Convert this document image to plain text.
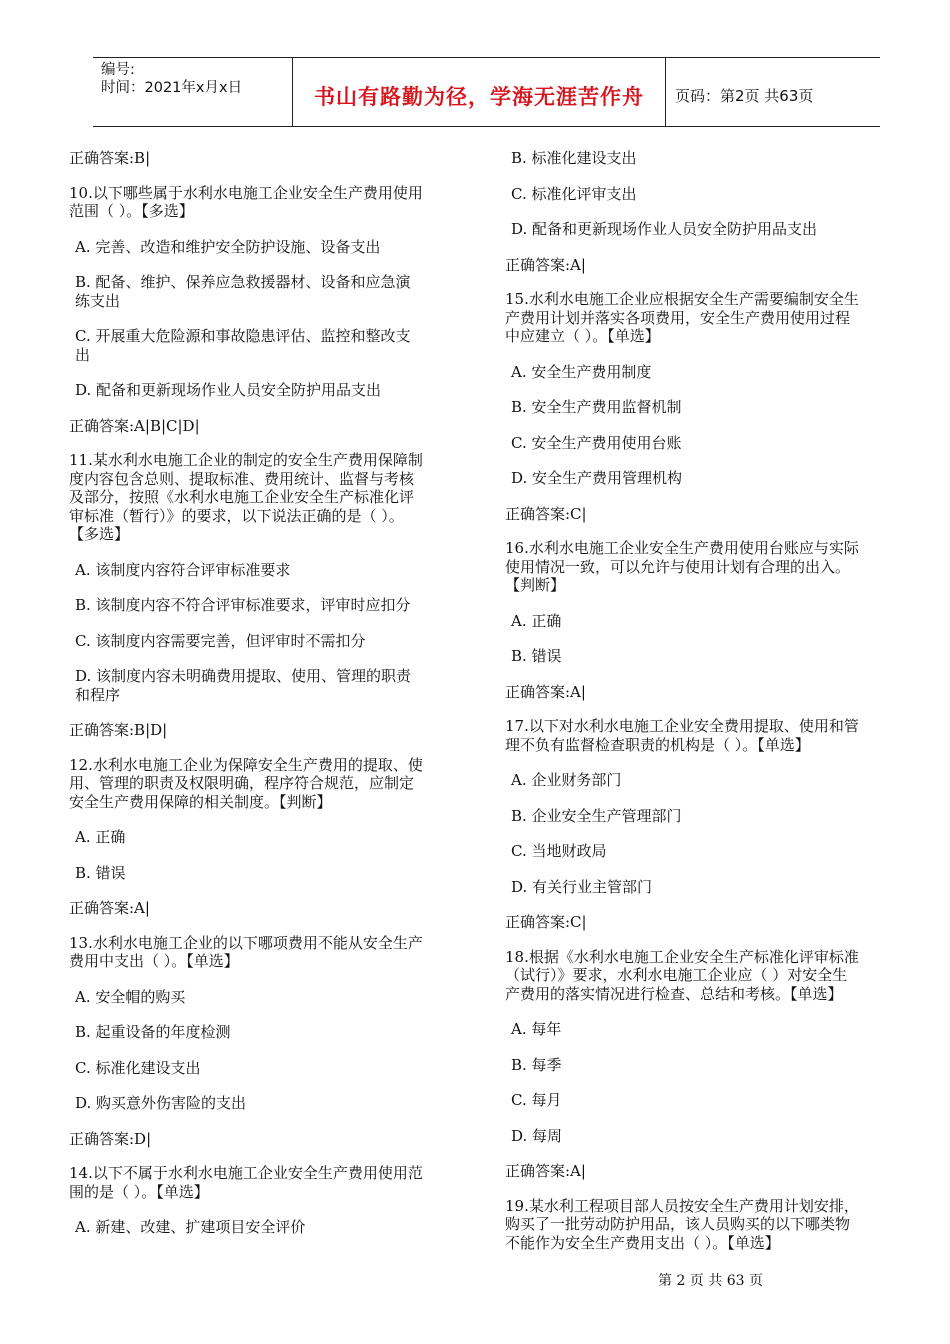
编号:
时间：2021年x月x日	书山有路勤为径，学海无涯苦作舟	页码：第2页 共63页
正确答案:B|
10.以下哪些属于水利水电施工企业安全生产费用使用
范围（ ）。【多选】
A. 完善、改造和维护安全防护设施、设备支出
B. 配备、维护、保养应急救援器材、设备和应急演
练支出
C. 开展重大危险源和事故隐患评估、监控和整改支
出
D. 配备和更新现场作业人员安全防护用品支出
正确答案:A|B|C|D|
11.某水利水电施工企业的制定的安全生产费用保障制
度内容包含总则、提取标准、费用统计、监督与考核
及部分，按照《水利水电施工企业安全生产标准化评
审标准（暂行）》的要求，以下说法正确的是（ ）。
【多选】
A. 该制度内容符合评审标准要求
B. 该制度内容不符合评审标准要求，评审时应扣分
C. 该制度内容需要完善，但评审时不需扣分
D. 该制度内容未明确费用提取、使用、管理的职责
和程序
正确答案:B|D|
12.水利水电施工企业为保障安全生产费用的提取、使
用、管理的职责及权限明确，程序符合规范，应制定
安全生产费用保障的相关制度。【判断】
A. 正确
B. 错误
正确答案:A|
13.水利水电施工企业的以下哪项费用不能从安全生产
费用中支出（ ）。【单选】
A. 安全帽的购买
B. 起重设备的年度检测
C. 标准化建设支出
D. 购买意外伤害险的支出
正确答案:D|
14.以下不属于水利水电施工企业安全生产费用使用范
围的是（ ）。【单选】
A. 新建、改建、扩建项目安全评价
B. 标准化建设支出
C. 标准化评审支出
D. 配备和更新现场作业人员安全防护用品支出
正确答案:A|
15.水利水电施工企业应根据安全生产需要编制安全生
产费用计划并落实各项费用，安全生产费用使用过程
中应建立（ ）。【单选】
A. 安全生产费用制度
B. 安全生产费用监督机制
C. 安全生产费用使用台账
D. 安全生产费用管理机构
正确答案:C|
16.水利水电施工企业安全生产费用使用台账应与实际
使用情况一致，可以允许与使用计划有合理的出入。
【判断】
A. 正确
B. 错误
正确答案:A|
17.以下对水利水电施工企业安全费用提取、使用和管
理不负有监督检查职责的机构是（ ）。【单选】
A. 企业财务部门
B. 企业安全生产管理部门
C. 当地财政局
D. 有关行业主管部门
正确答案:C|
18.根据《水利水电施工企业安全生产标准化评审标准
（试行）》要求，水利水电施工企业应（ ）对安全生
产费用的落实情况进行检查、总结和考核。【单选】
A. 每年
B. 每季
C. 每月
D. 每周
正确答案:A|
19.某水利工程项目部人员按安全生产费用计划安排，
购买了一批劳动防护用品，该人员购买的以下哪类物
不能作为安全生产费用支出（ ）。【单选】
第 2 页 共 63 页
